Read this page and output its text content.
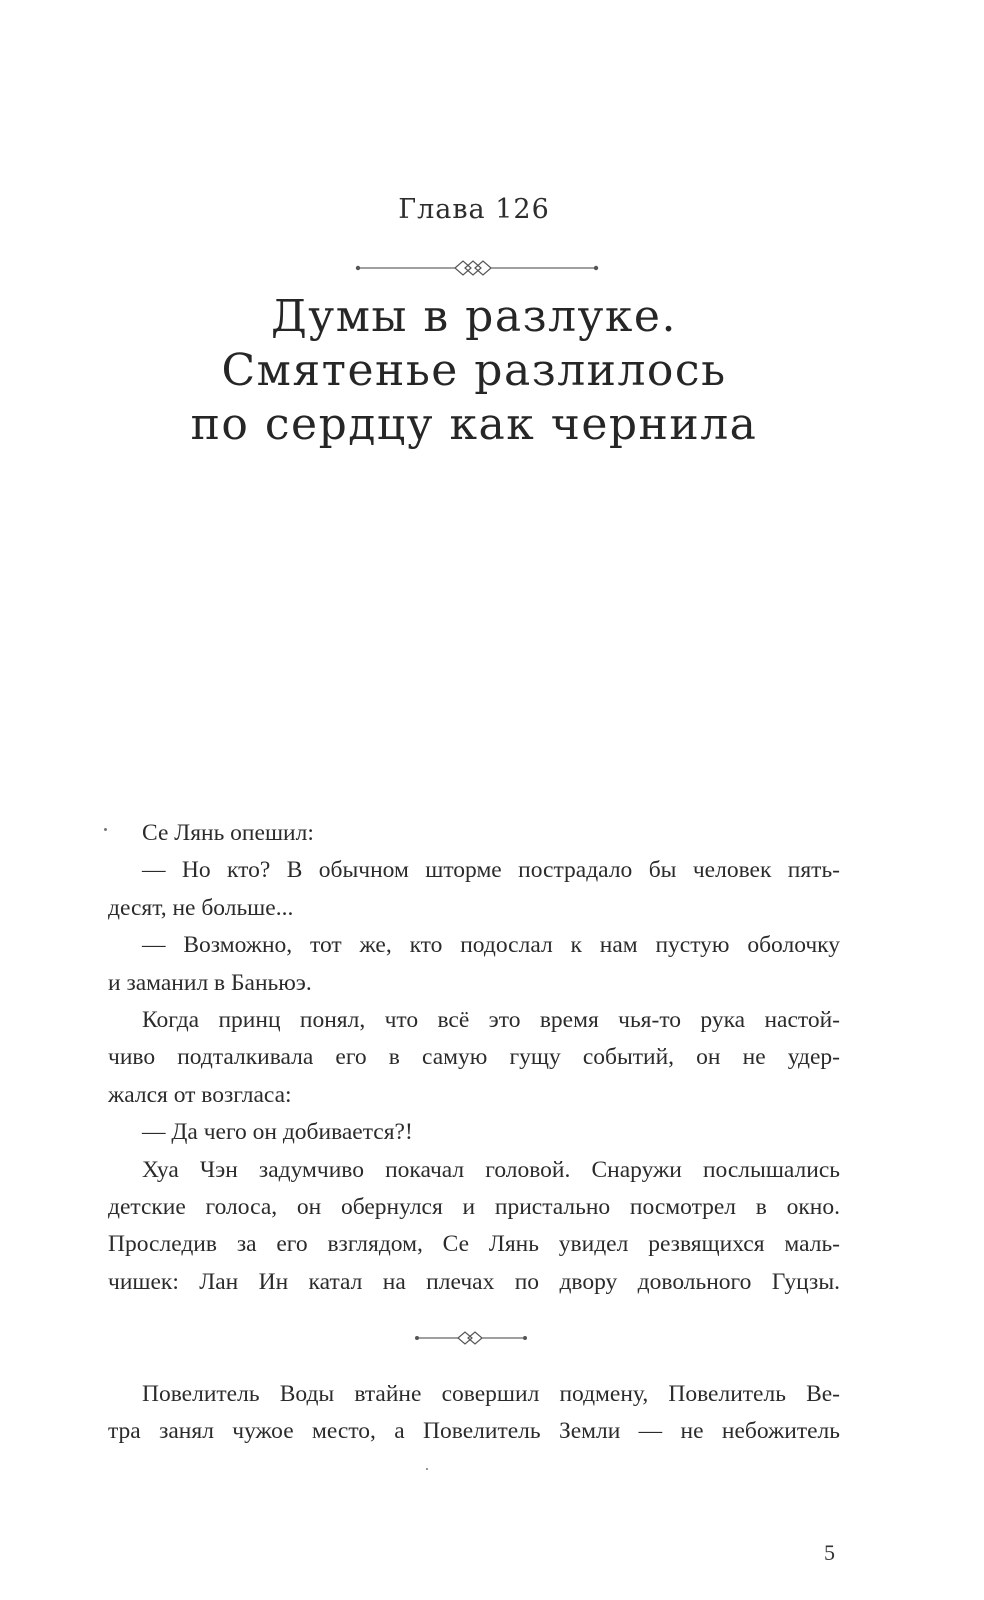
Глава 126
Думы в разлуке.
Смятенье разлилось
по сердцу как чернила
Се Лянь опешил:
— Но кто? В обычном шторме пострадало бы человек пять-
десят, не больше...
— Возможно, тот же, кто подослал к нам пустую оболочку
и заманил в Баньюэ.
Когда принц понял, что всё это время чья-то рука настой-
чиво подталкивала его в самую гущу событий, он не удер-
жался от возгласа:
— Да чего он добивается?!
Хуа Чэн задумчиво покачал головой. Снаружи послышались
детские голоса, он обернулся и пристально посмотрел в окно.
Проследив за его взглядом, Се Лянь увидел резвящихся маль-
чишек: Лан Ин катал на плечах по двору довольного Гуцзы.
Повелитель Воды втайне совершил подмену, Повелитель Ве-
тра занял чужое место, а Повелитель Земли — не небожитель
5
